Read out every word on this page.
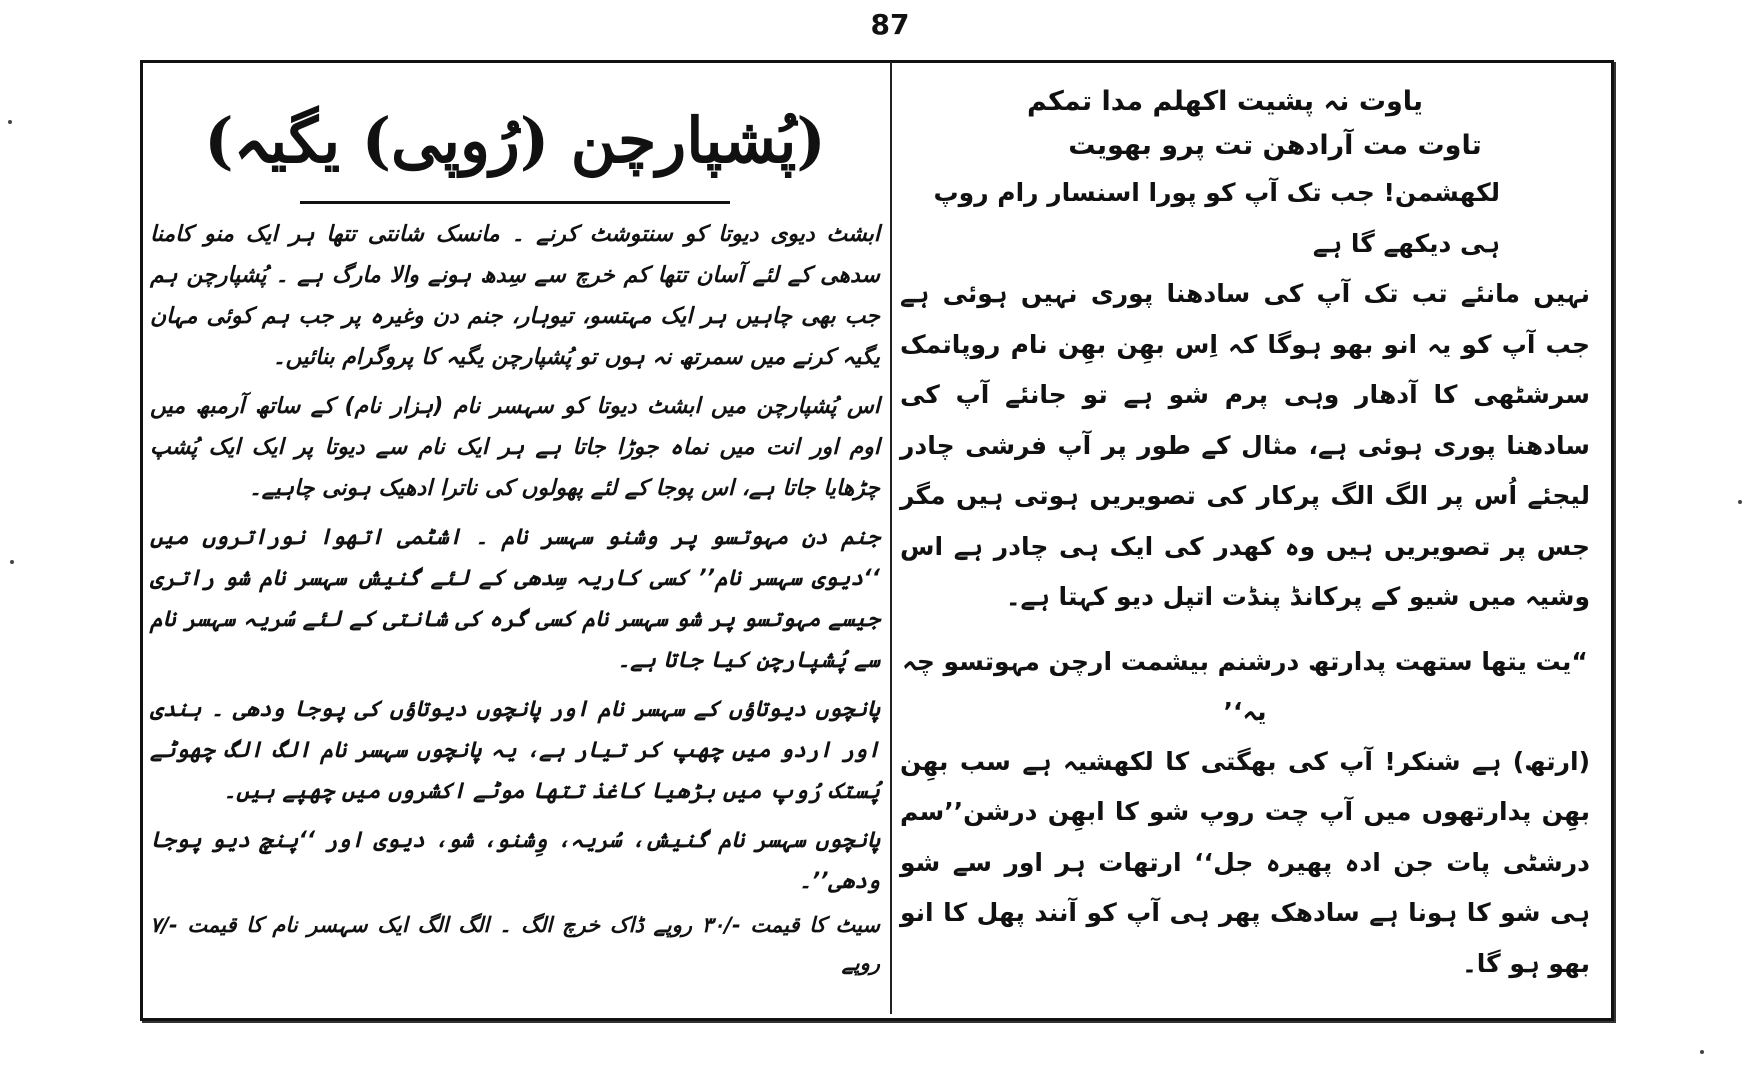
87

یاوت نہ پشیت اکھلم مدا تمکم

تاوت مت آرادھن تت پرو بھویت

لکھشمن! جب تک آپ کو پورا اسنسار رام روپ ہی دیکھے گا ہے

نہیں مانئے تب تک آپ کی سادھنا پوری نہیں ہوئی ہے جب آپ کو یہ انو بھو ہوگا کہ اِس بھِن بھِن نام روپاتمک سرشٹھی کا آدھار وہی پرم شو ہے تو جانئے آپ کی سادھنا پوری ہوئی ہے، مثال کے طور پر آپ فرشی چادر لیجئے اُس پر الگ الگ پرکار کی تصویریں ہوتی ہیں مگر جس پر تصویریں ہیں وہ کھدر کی ایک ہی چادر ہے اس وشیہ میں شیو کے پرکانڈ پنڈت اتپل دیو کہتا ہے۔

“یت یتھا ستھت پدارتھ درشنم بیشمت ارچن مہوتسو چہ یہ‘’

(ارتھ) ہے شنکر! آپ کی بھگتی کا لکھشیہ ہے سب بھِن بھِن پدارتھوں میں آپ چت روپ شو کا ابھِن درشن’’سم درشٹی پات جن ادہ پھیرہ جل‘‘ ارتھات ہر اور سے شو ہی شو کا ہونا ہے سادھک پھر ہی آپ کو آنند پھل کا انو بھو ہو گا۔

(پُشپارچن (رُوپی) یگیہ)

ابشٹ دیوی دیوتا کو سنتوشٹ کرنے ۔ مانسک شانتی تتھا ہر ایک منو کامنا سدھی کے لئے آسان تتھا کم خرچ سے سِدھ ہونے والا مارگ ہے ۔ پُشپارچن ہم جب بھی چاہیں ہر ایک مہتسو، تیوہار، جنم دن وغیرہ پر جب ہم کوئی مہان یگیہ کرنے میں سمرتھ نہ ہوں تو پُشپارچن یگیہ کا پروگرام بنائیں۔

اس پُشپارچن میں ابشٹ دیوتا کو سہسر نام (ہزار نام) کے ساتھ آرمبھ میں اوم اور انت میں نماہ جوڑا جاتا ہے ہر ایک نام سے دیوتا پر ایک ایک پُشپ چڑھایا جاتا ہے، اس پوجا کے لئے پھولوں کی ناترا ادھیک ہونی چاہیے۔

جنم دن مہوتسو پر وشنو سہسر نام ۔ اشٹمی اتھوا نوراتروں میں ‘‘دیوی سہسر نام’’ کسی کاریہ سِدھی کے لئے گنیش سہسر نام شو راتری جیسے مہوتسو پر شو سہسر نام کسی گرہ کی شانتی کے لئے سُریہ سہسر نام سے پُشپارچن کیا جاتا ہے۔

پانچوں دیوتاؤں کے سہسر نام اور پانچوں دیوتاؤں کی پوجا ودھی ۔ ہندی اور اردو میں چھپ کر تیار ہے، یہ پانچوں سہسر نام الگ الگ چھوٹے پُستک رُوپ میں بڑھیا کاغذ تتھا موٹے اکشروں میں چھپے ہیں۔

پانچوں سہسر نام گنیش، سُریہ، وِشنو، شو، دیوی اور ‘‘پنچ دیو پوجا ودھی’’۔

سیٹ کا قیمت -/۳۰ روپے ڈاک خرچ الگ ۔ الگ الگ ایک سہسر نام کا قیمت -/۷ روپے
